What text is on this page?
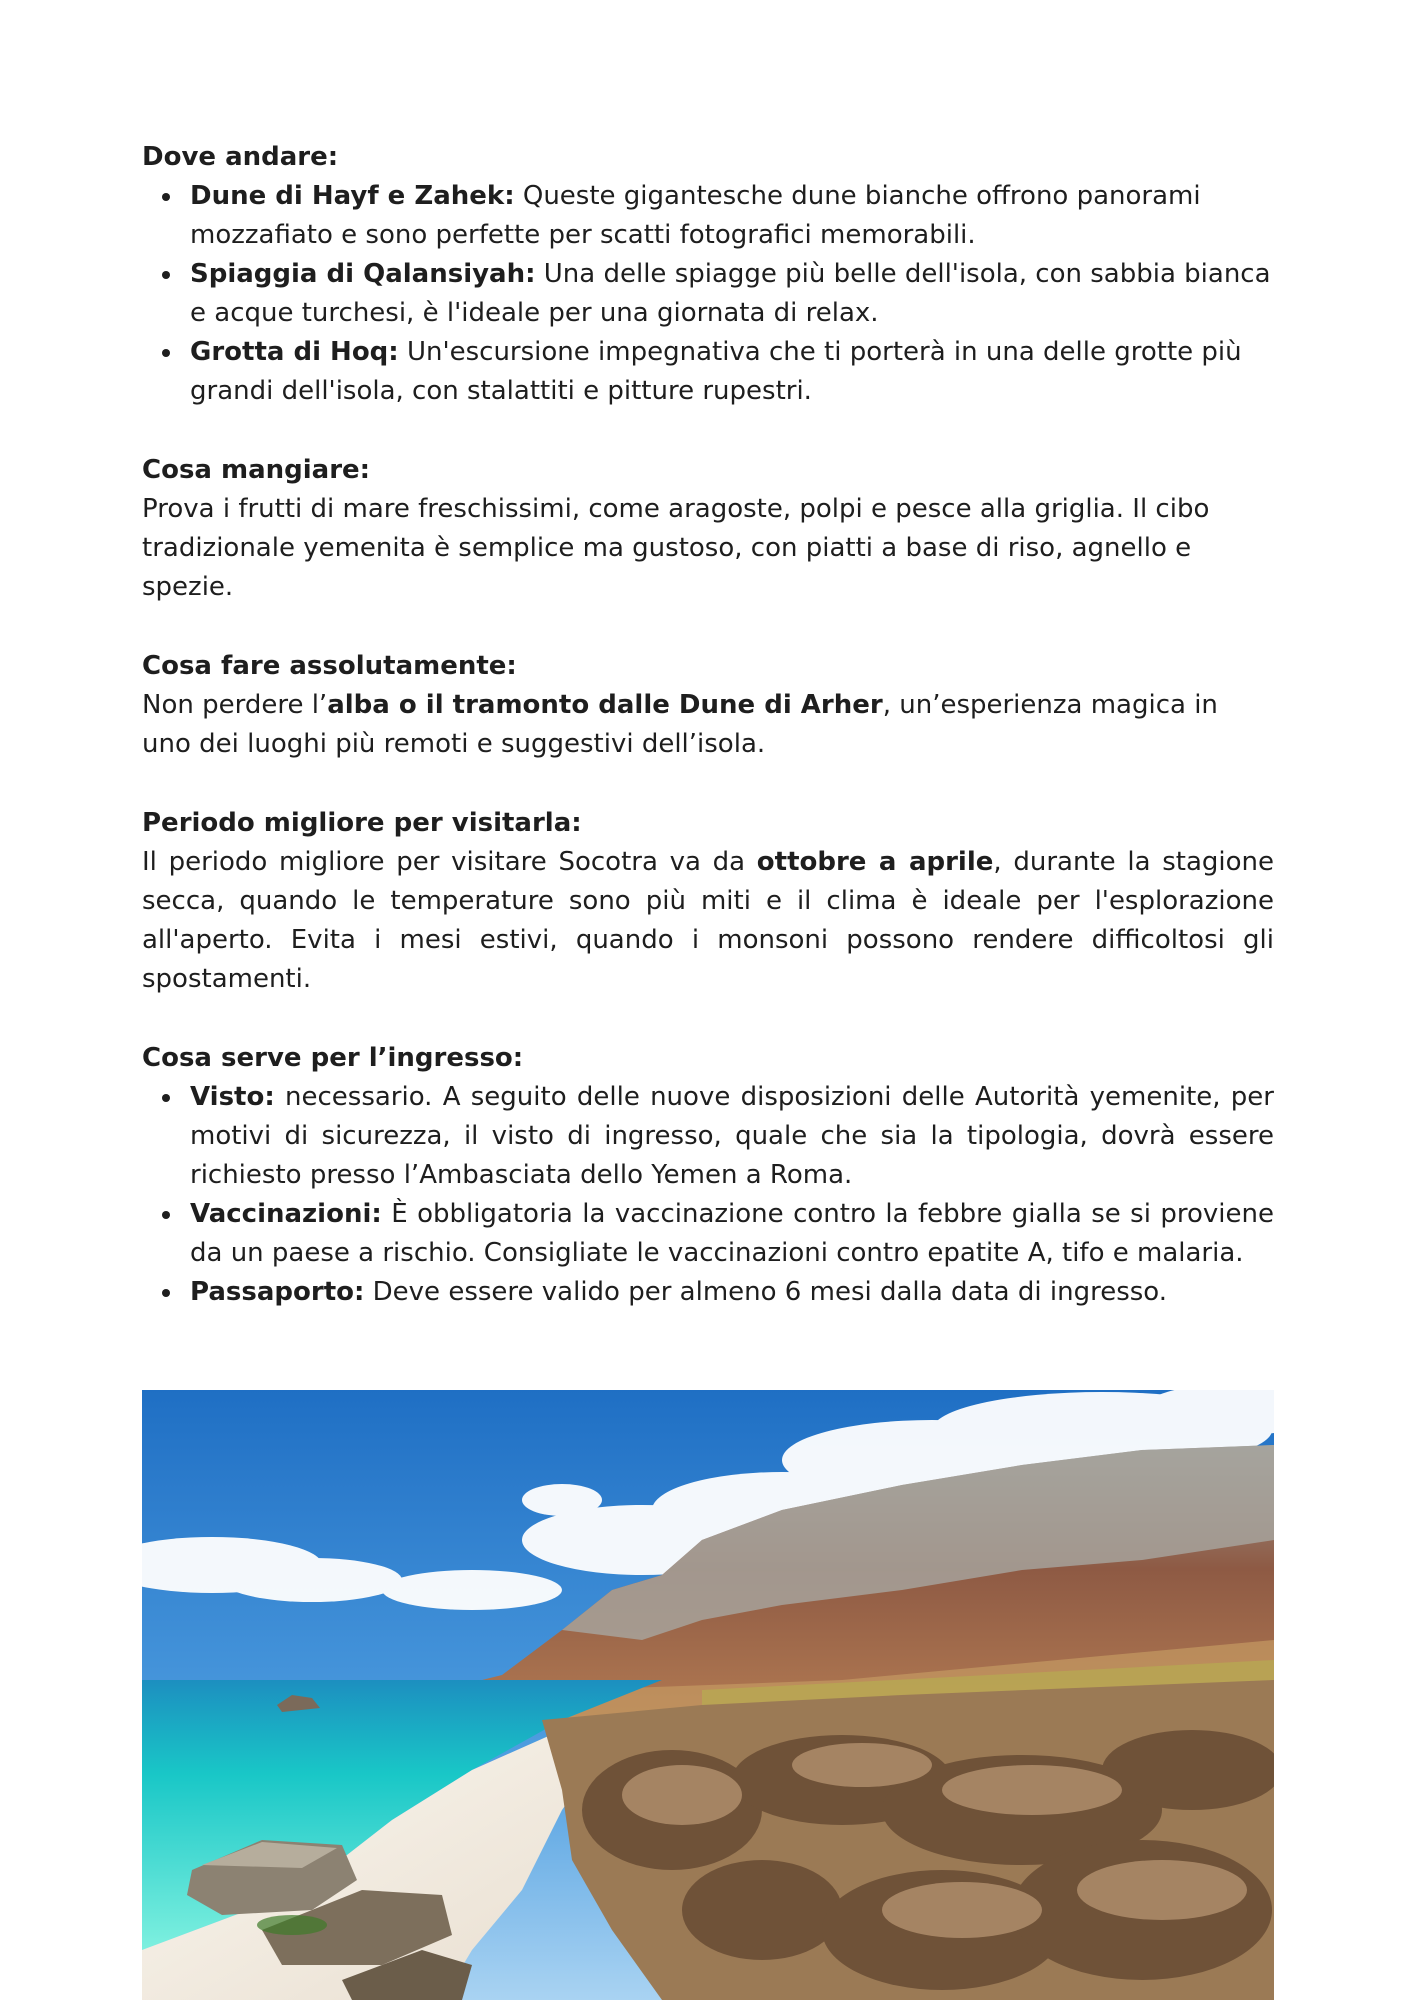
Dove andare:

Dune di Hayf e Zahek: Queste gigantesche dune bianche offrono panorami mozzafiato e sono perfette per scatti fotografici memorabili.
Spiaggia di Qalansiyah: Una delle spiagge più belle dell'isola, con sabbia bianca e acque turchesi, è l'ideale per una giornata di relax.
Grotta di Hoq: Un'escursione impegnativa che ti porterà in una delle grotte più grandi dell'isola, con stalattiti e pitture rupestri.

Cosa mangiare:

Prova i frutti di mare freschissimi, come aragoste, polpi e pesce alla griglia. Il cibo tradizionale yemenita è semplice ma gustoso, con piatti a base di riso, agnello e spezie.

Cosa fare assolutamente:

Non perdere l’alba o il tramonto dalle Dune di Arher, un’esperienza magica in uno dei luoghi più remoti e suggestivi dell’isola.

Periodo migliore per visitarla:

Il periodo migliore per visitare Socotra va da ottobre a aprile, durante la stagione secca, quando le temperature sono più miti e il clima è ideale per l'esplorazione all'aperto. Evita i mesi estivi, quando i monsoni possono rendere difficoltosi gli spostamenti.

Cosa serve per l’ingresso:

Visto: necessario. A seguito delle nuove disposizioni delle Autorità yemenite, per motivi di sicurezza, il visto di ingresso, quale che sia la tipologia, dovrà essere richiesto presso l’Ambasciata dello Yemen a Roma.
Vaccinazioni: È obbligatoria la vaccinazione contro la febbre gialla se si proviene da un paese a rischio. Consigliate le vaccinazioni contro epatite A, tifo e malaria.
Passaporto: Deve essere valido per almeno 6 mesi dalla data di ingresso.
